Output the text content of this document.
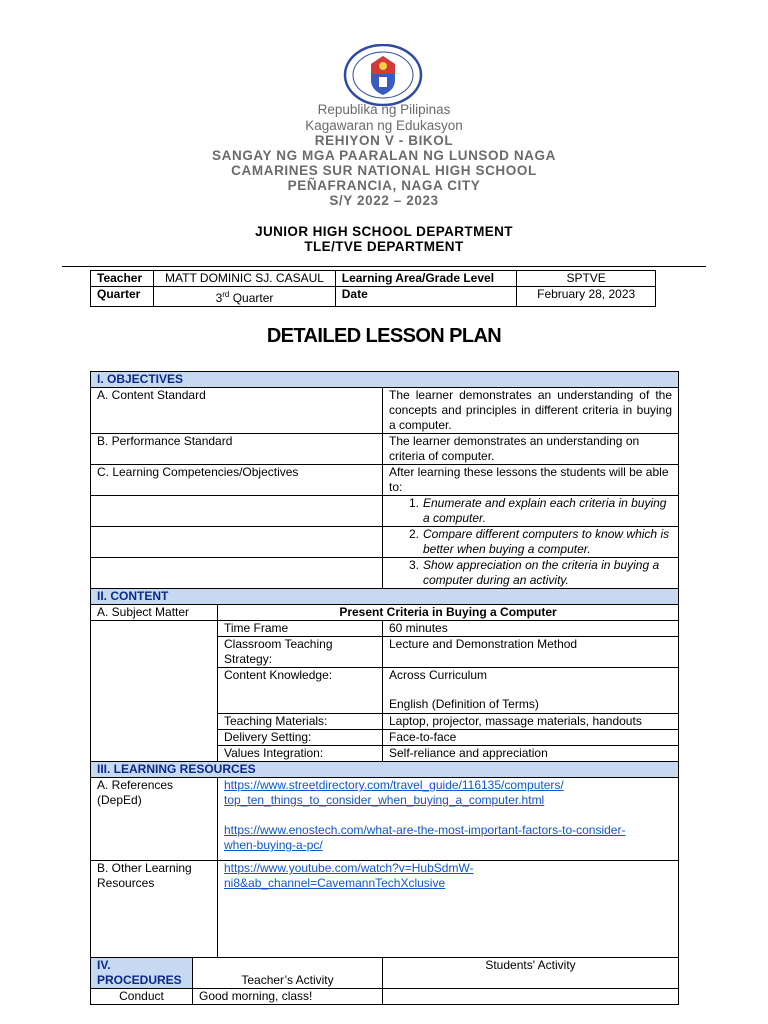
Republika ng Pilipinas
Kagawaran ng Edukasyon
REHIYON V - BIKOL
SANGAY NG MGA PAARALAN NG LUNSOD NAGA
CAMARINES SUR NATIONAL HIGH SCHOOL
PEÑAFRANCIA, NAGA CITY
S/Y 2022 – 2023
JUNIOR HIGH SCHOOL DEPARTMENT
TLE/TVE DEPARTMENT
Teacher	MATT DOMINIC SJ. CASAUL	Learning Area/Grade Level	SPTVE
Quarter	3rd Quarter	Date	February 28, 2023
DETAILED LESSON PLAN
I. OBJECTIVES			
A. Content Standard			The learner demonstrates an understanding of the concepts and principles in different criteria in buying a computer.
B. Performance Standard			The learner demonstrates an understanding on criteria of computer.
C. Learning Competencies/Objectives			After learning these lessons the students will be able to:

			1. Enumerate and explain each criteria in buying a computer.

			2. Compare different computers to know which is better when buying a computer.

			3. Show appreciation on the criteria in buying a computer during an activity.

II. CONTENT			
A. Subject Matter		Present Criteria in Buying a Computer	
		Time Frame	60 minutes
		Classroom Teaching Strategy:	Lecture and Demonstration Method
		Content Knowledge:	Across Curriculum
English (Definition of Terms)

		Teaching Materials:	Laptop, projector, massage materials, handouts
		Delivery Setting:	Face-to-face
		Values Integration:	Self-reliance and appreciation
III. LEARNING RESOURCES			
A. References (DepEd)		https://www.streetdirectory.com/travel_guide/116135/computers/
top_ten_things_to_consider_when_buying_a_computer.html
https://www.enostech.com/what-are-the-most-important-factors-to-consider-
when-buying-a-pc/	

B. Other Learning Resources		https://www.youtube.com/watch?v=HubSdmW-
ni8&ab_channel=CavemannTechXclusive	

IV.
PROCEDURES	Teacher’s Activity		Students' Activity
Conduct	Good morning, class!		
